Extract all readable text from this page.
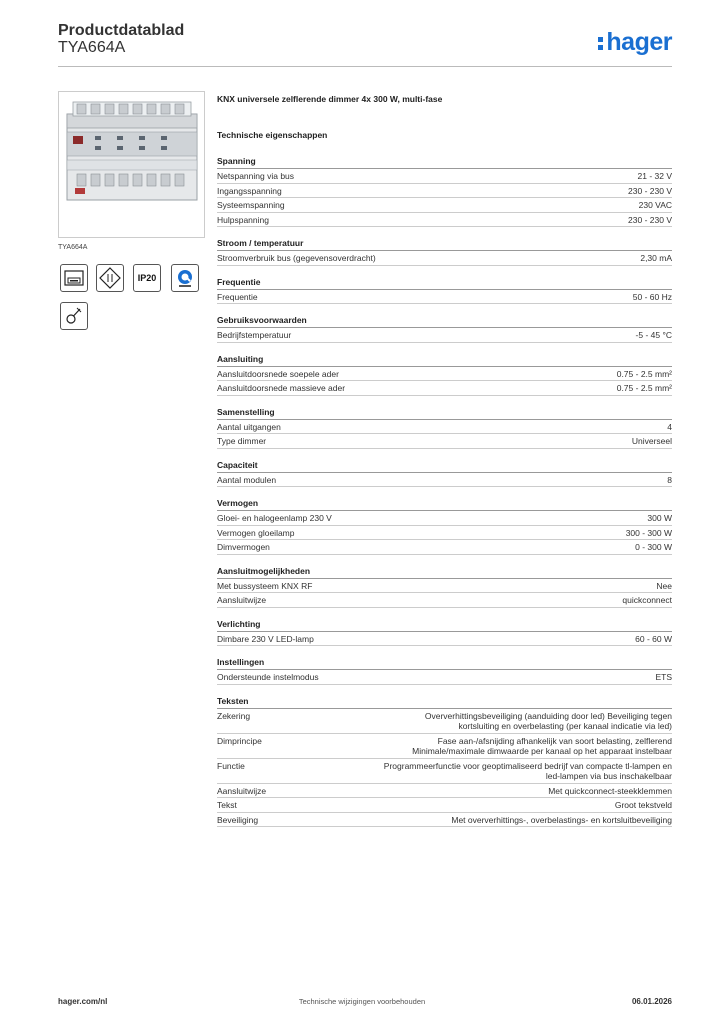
Productdatablad
TYA664A	hager
TYA664A
IP20
KNX universele zelflerende dimmer 4x 300 W, multi-fase
Technische eigenschappen
Spanning
Netspanning via bus	21 - 32 V
Ingangsspanning	230 - 230 V
Systeemspanning	230 VAC
Hulpspanning	230 - 230 V
Stroom / temperatuur
Stroomverbruik bus (gegevensoverdracht)	2,30 mA
Frequentie
Frequentie	50 - 60 Hz
Gebruiksvoorwaarden
Bedrijfstemperatuur	-5 - 45 °C
Aansluiting
Aansluitdoorsnede soepele ader	0.75 - 2.5 mm²
Aansluitdoorsnede massieve ader	0.75 - 2.5 mm²
Samenstelling
Aantal uitgangen	4
Type dimmer	Universeel
Capaciteit
Aantal modulen	8
Vermogen
Gloei- en halogeenlamp 230 V	300 W
Vermogen gloeilamp	300 - 300 W
Dimvermogen	0 - 300 W
Aansluitmogelijkheden
Met bussysteem KNX RF	Nee
Aansluitwijze	quickconnect
Verlichting
Dimbare 230 V LED-lamp	60 - 60 W
Instellingen
Ondersteunde instelmodus	ETS
Teksten
Zekering	Oververhittingsbeveiliging (aanduiding door led) Beveiliging tegen kortsluiting en overbelasting (per kanaal indicatie via led)
Dimprincipe	Fase aan-/afsnijding afhankelijk van soort belasting, zelflerend Minimale/maximale dimwaarde per kanaal op het apparaat instelbaar
Functie	Programmeerfunctie voor geoptimaliseerd bedrijf van compacte tl-lampen en led-lampen via bus inschakelbaar
Aansluitwijze	Met quickconnect-steekklemmen
Tekst	Groot tekstveld
Beveiliging	Met oververhittings-, overbelastings- en kortsluitbeveiliging
hager.com/nl	Technische wijzigingen voorbehouden	06.01.2026
